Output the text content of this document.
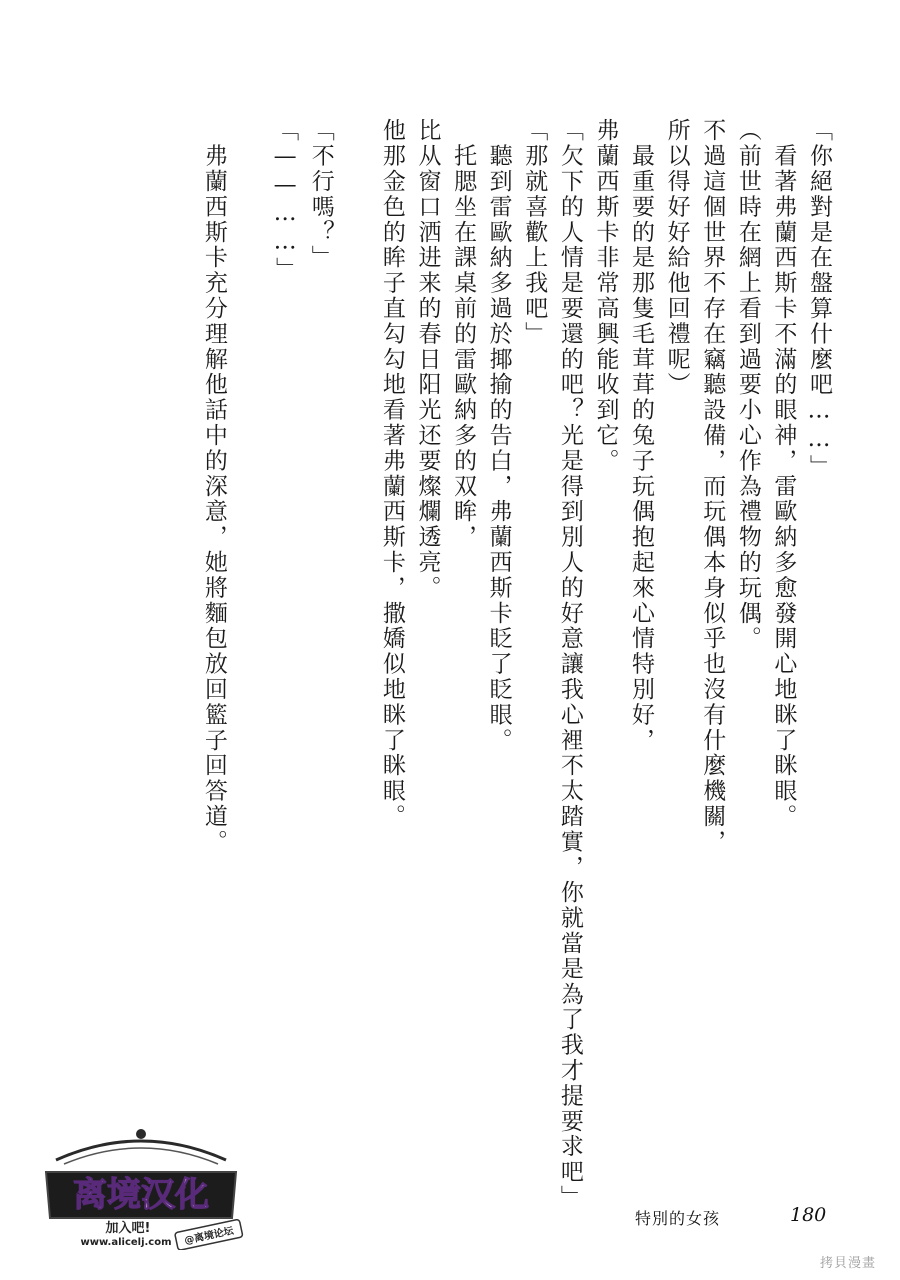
「你絕對是在盤算什麼吧……」
　看著弗蘭西斯卡不滿的眼神，雷歐納多愈發開心地眯了眯眼。
（前世時在網上看到過要小心作為禮物的玩偶。
不過這個世界不存在竊聽設備，而玩偶本身似乎也沒有什麼機關，
所以得好好給他回禮呢）
　最重要的是那隻毛茸茸的兔子玩偶抱起來心情特別好，
弗蘭西斯卡非常高興能收到它。
「欠下的人情是要還的吧？光是得到別人的好意讓我心裡不太踏實，你就當是為了我才提要求吧」
「那就喜歡上我吧」
　聽到雷歐納多過於揶揄的告白，弗蘭西斯卡眨了眨眼。
　托腮坐在課桌前的雷歐納多的双眸，
比从窗口洒进来的春日阳光还要燦爛透亮。
他那金色的眸子直勾勾地看著弗蘭西斯卡，撒嬌似地眯了眯眼。
「不行嗎？」
「——……」
　弗蘭西斯卡充分理解他話中的深意，她將麵包放回籃子回答道。
离境汉化
加入吧!
www.alicelj.com @离境论坛
特別的女孩	180
拷貝漫畫
